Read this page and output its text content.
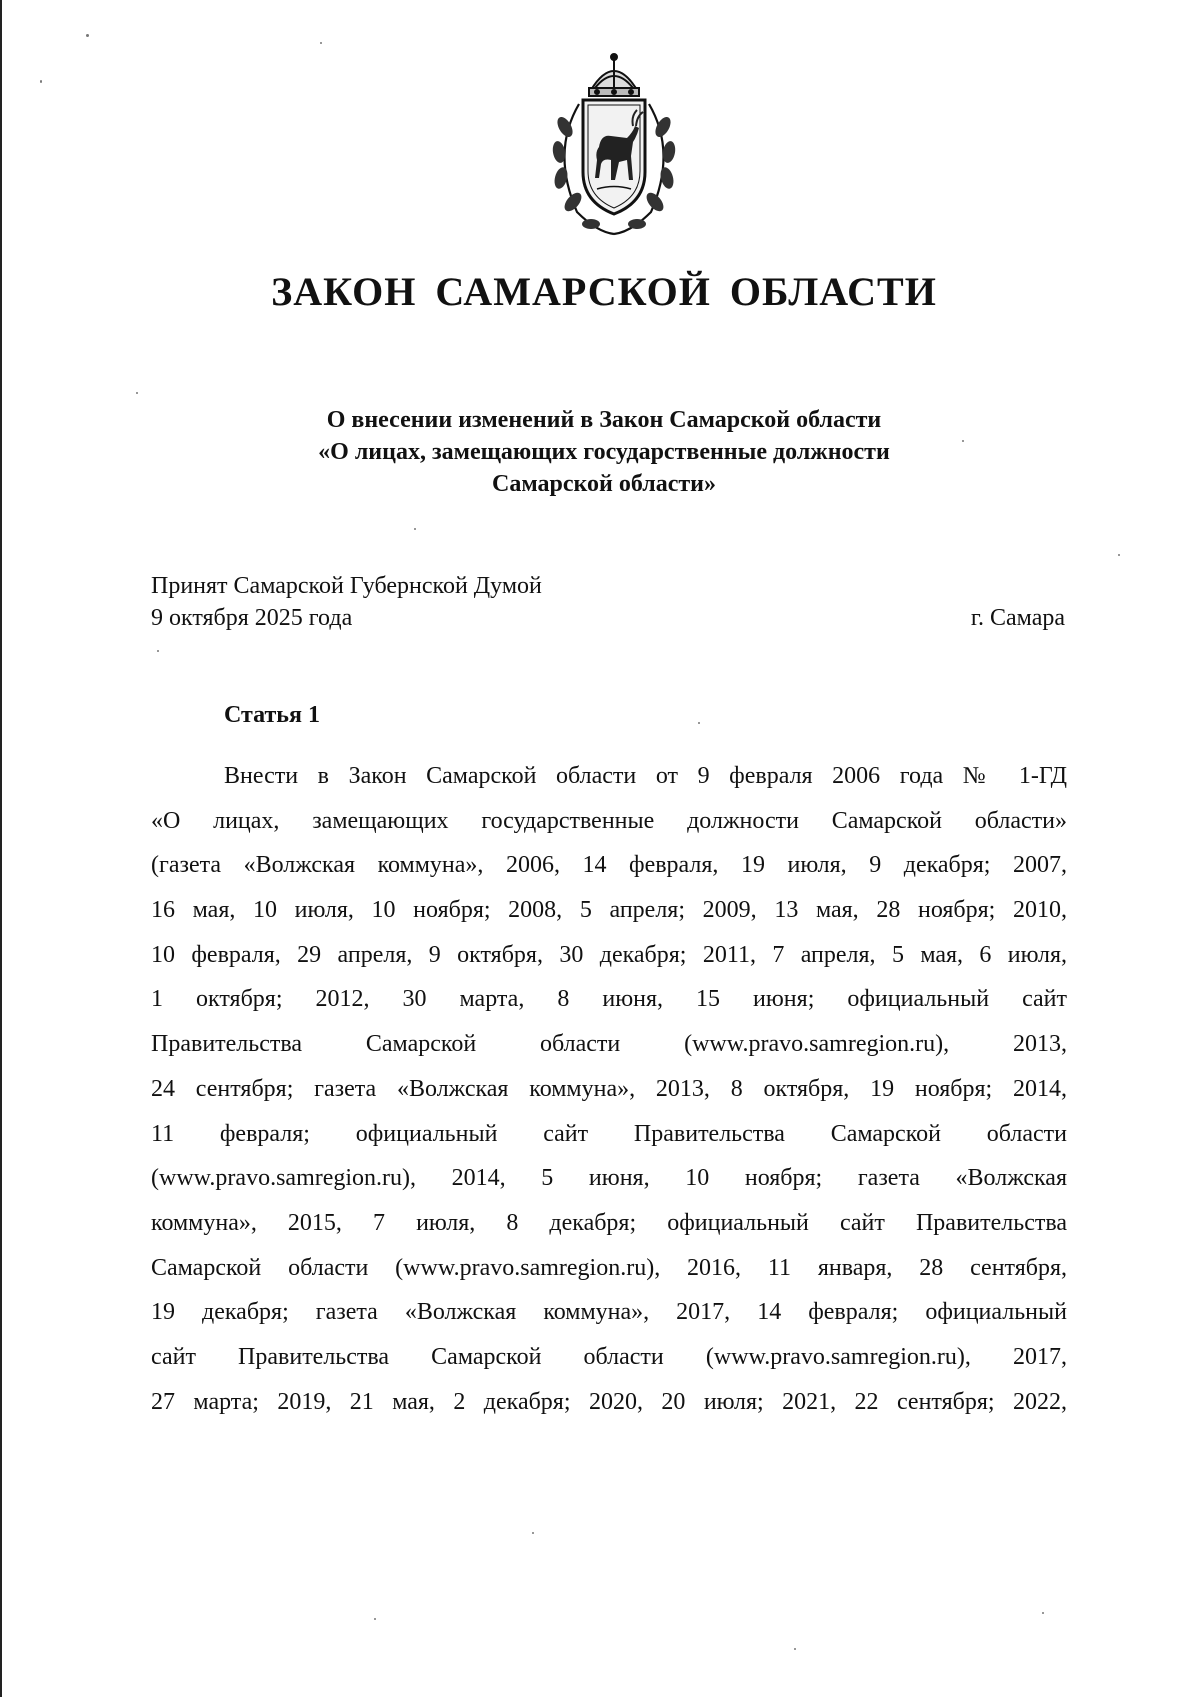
ЗАКОН САМАРСКОЙ ОБЛАСТИ
О внесении изменений в Закон Самарской области
«О лицах, замещающих государственные должности
Самарской области»
Принят Самарской Губернской Думой
9 октября 2025 года	г. Самара
Статья 1
Внести в Закон Самарской области от 9 февраля 2006 года № 1-ГД
«О лицах, замещающих государственные должности Самарской области»
(газета «Волжская коммуна», 2006, 14 февраля, 19 июля, 9 декабря; 2007,
16 мая, 10 июля, 10 ноября; 2008, 5 апреля; 2009, 13 мая, 28 ноября; 2010,
10 февраля, 29 апреля, 9 октября, 30 декабря; 2011, 7 апреля, 5 мая, 6 июля,
1 октября; 2012, 30 марта, 8 июня, 15 июня; официальный сайт
Правительства Самарской области (www.pravo.samregion.ru), 2013,
24 сентября; газета «Волжская коммуна», 2013, 8 октября, 19 ноября; 2014,
11 февраля; официальный сайт Правительства Самарской области
(www.pravo.samregion.ru), 2014, 5 июня, 10 ноября; газета «Волжская
коммуна», 2015, 7 июля, 8 декабря; официальный сайт Правительства
Самарской области (www.pravo.samregion.ru), 2016, 11 января, 28 сентября,
19 декабря; газета «Волжская коммуна», 2017, 14 февраля; официальный
сайт Правительства Самарской области (www.pravo.samregion.ru), 2017,
27 марта; 2019, 21 мая, 2 декабря; 2020, 20 июля; 2021, 22 сентября; 2022,
